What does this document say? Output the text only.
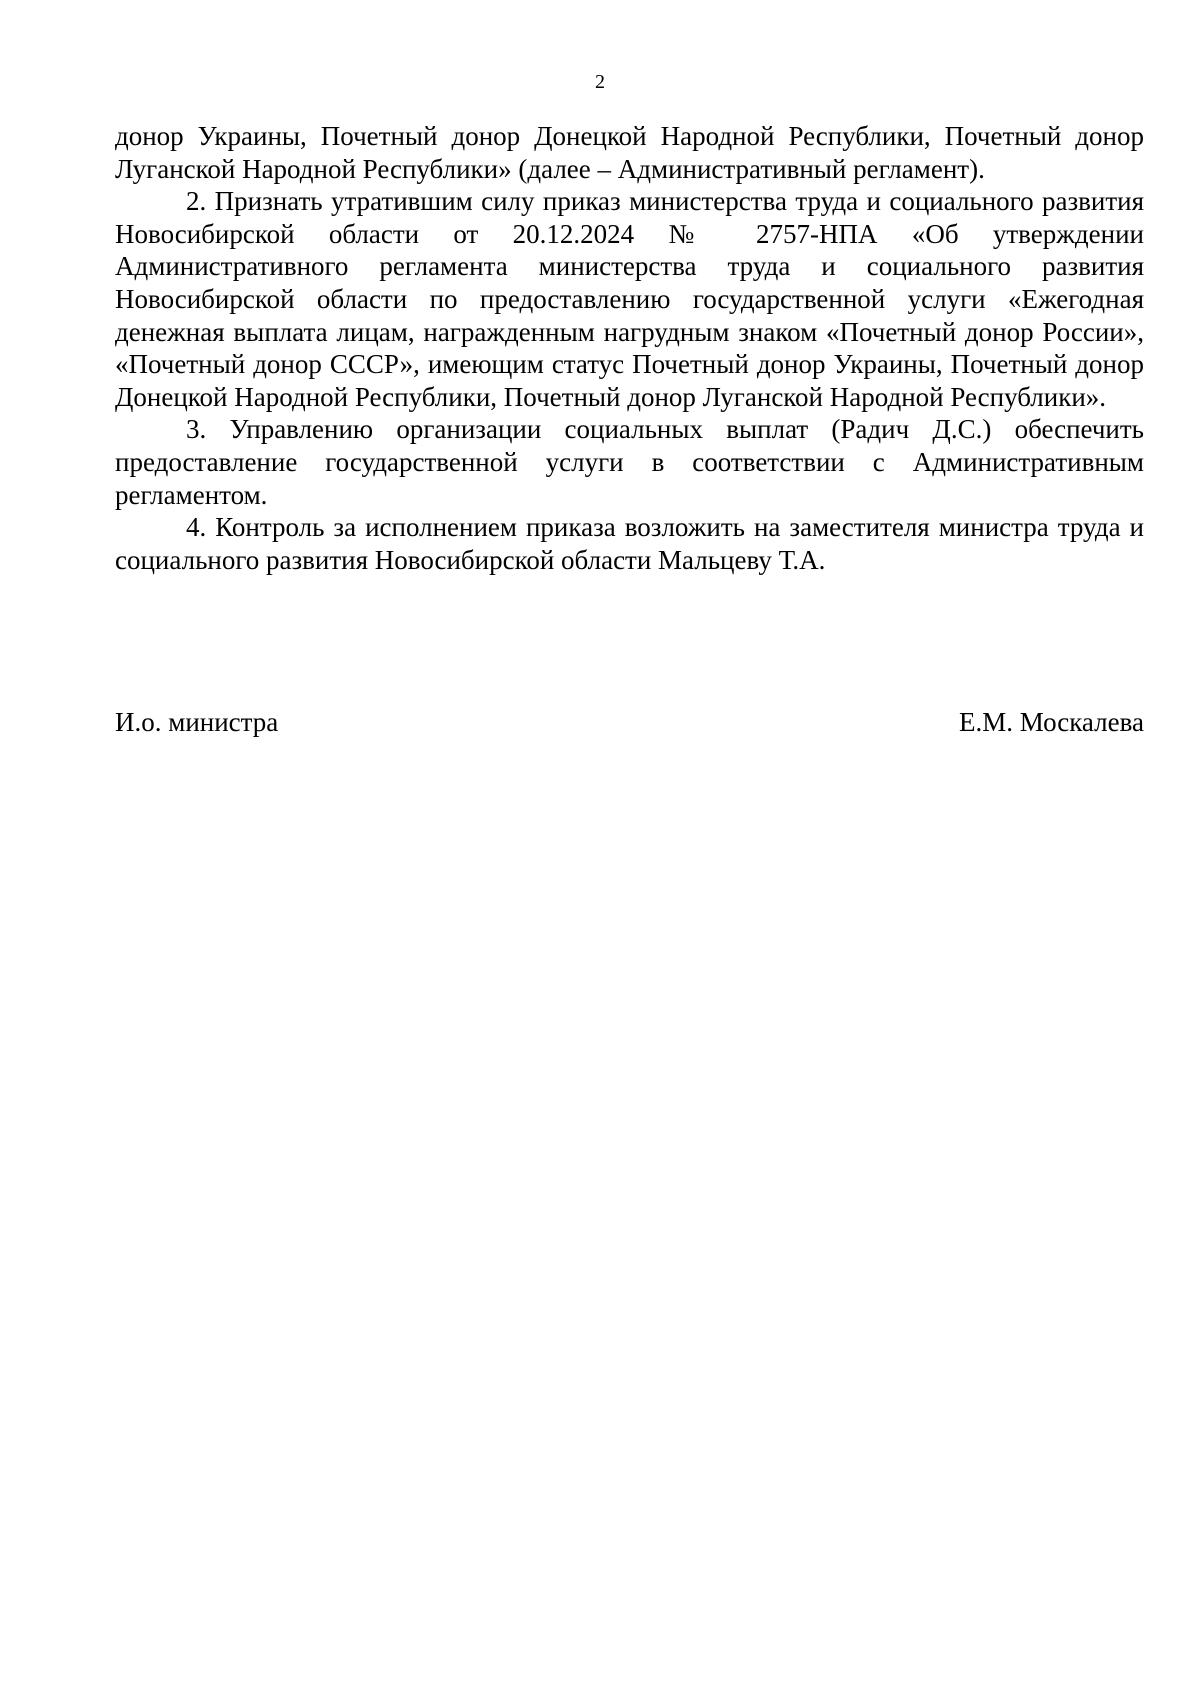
2

донор Украины, Почетный донор Донецкой Народной Республики, Почетный донор Луганской Народной Республики» (далее – Административный регламент).

2. Признать утратившим силу приказ министерства труда и социального развития Новосибирской области от 20.12.2024 № 2757-НПА «Об утверждении Административного регламента министерства труда и социального развития Новосибирской области по предоставлению государственной услуги «Ежегодная денежная выплата лицам, награжденным нагрудным знаком «Почетный донор России», «Почетный донор СССР», имеющим статус Почетный донор Украины, Почетный донор Донецкой Народной Республики, Почетный донор Луганской Народной Республики».

3. Управлению организации социальных выплат (Радич Д.С.) обеспечить предоставление государственной услуги в соответствии с Административным регламентом.

4. Контроль за исполнением приказа возложить на заместителя министра труда и социального развития Новосибирской области Мальцеву Т.А.

И.о. министра	Е.М. Москалева
